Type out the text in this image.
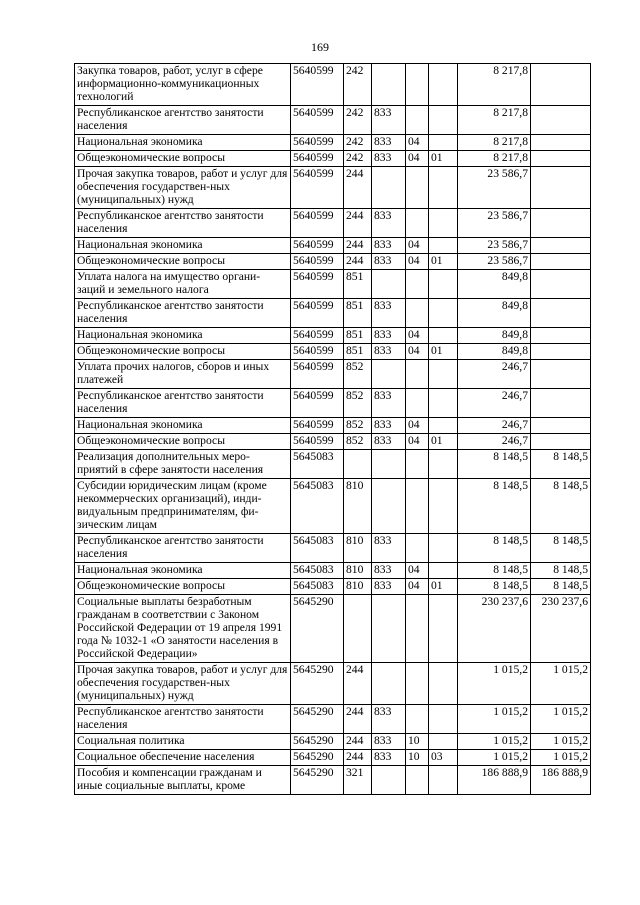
169
Закупка товаров, работ, услуг в сфере информационно-коммуникационных технологий	5640599	242				8 217,8	
Республиканское агентство занятости населения	5640599	242	833			8 217,8	
Национальная экономика	5640599	242	833	04		8 217,8	
Общеэкономические вопросы	5640599	242	833	04	01	8 217,8	
Прочая закупка товаров, работ и услуг для обеспечения государствен-ных (муниципальных) нужд	5640599	244				23 586,7	
Республиканское агентство занятости населения	5640599	244	833			23 586,7	
Национальная экономика	5640599	244	833	04		23 586,7	
Общеэкономические вопросы	5640599	244	833	04	01	23 586,7	
Уплата налога на имущество органи-заций и земельного налога	5640599	851				849,8	
Республиканское агентство занятости населения	5640599	851	833			849,8	
Национальная экономика	5640599	851	833	04		849,8	
Общеэкономические вопросы	5640599	851	833	04	01	849,8	
Уплата прочих налогов, сборов и иных платежей	5640599	852				246,7	
Республиканское агентство занятости населения	5640599	852	833			246,7	
Национальная экономика	5640599	852	833	04		246,7	
Общеэкономические вопросы	5640599	852	833	04	01	246,7	
Реализация дополнительных меро-приятий в сфере занятости населения	5645083					8 148,5	8 148,5
Субсидии юридическим лицам (кроме некоммерческих организаций), инди-видуальным предпринимателям, фи-зическим лицам	5645083	810				8 148,5	8 148,5
Республиканское агентство занятости населения	5645083	810	833			8 148,5	8 148,5
Национальная экономика	5645083	810	833	04		8 148,5	8 148,5
Общеэкономические вопросы	5645083	810	833	04	01	8 148,5	8 148,5
Социальные выплаты безработным гражданам в соответствии с Законом Российской Федерации от 19 апреля 1991 года № 1032-1 «О занятости населения в Российской Федерации»	5645290					230 237,6	230 237,6
Прочая закупка товаров, работ и услуг для обеспечения государствен-ных (муниципальных) нужд	5645290	244				1 015,2	1 015,2
Республиканское агентство занятости населения	5645290	244	833			1 015,2	1 015,2
Социальная политика	5645290	244	833	10		1 015,2	1 015,2
Социальное обеспечение населения	5645290	244	833	10	03	1 015,2	1 015,2
Пособия и компенсации гражданам и иные социальные выплаты, кроме	5645290	321				186 888,9	186 888,9
